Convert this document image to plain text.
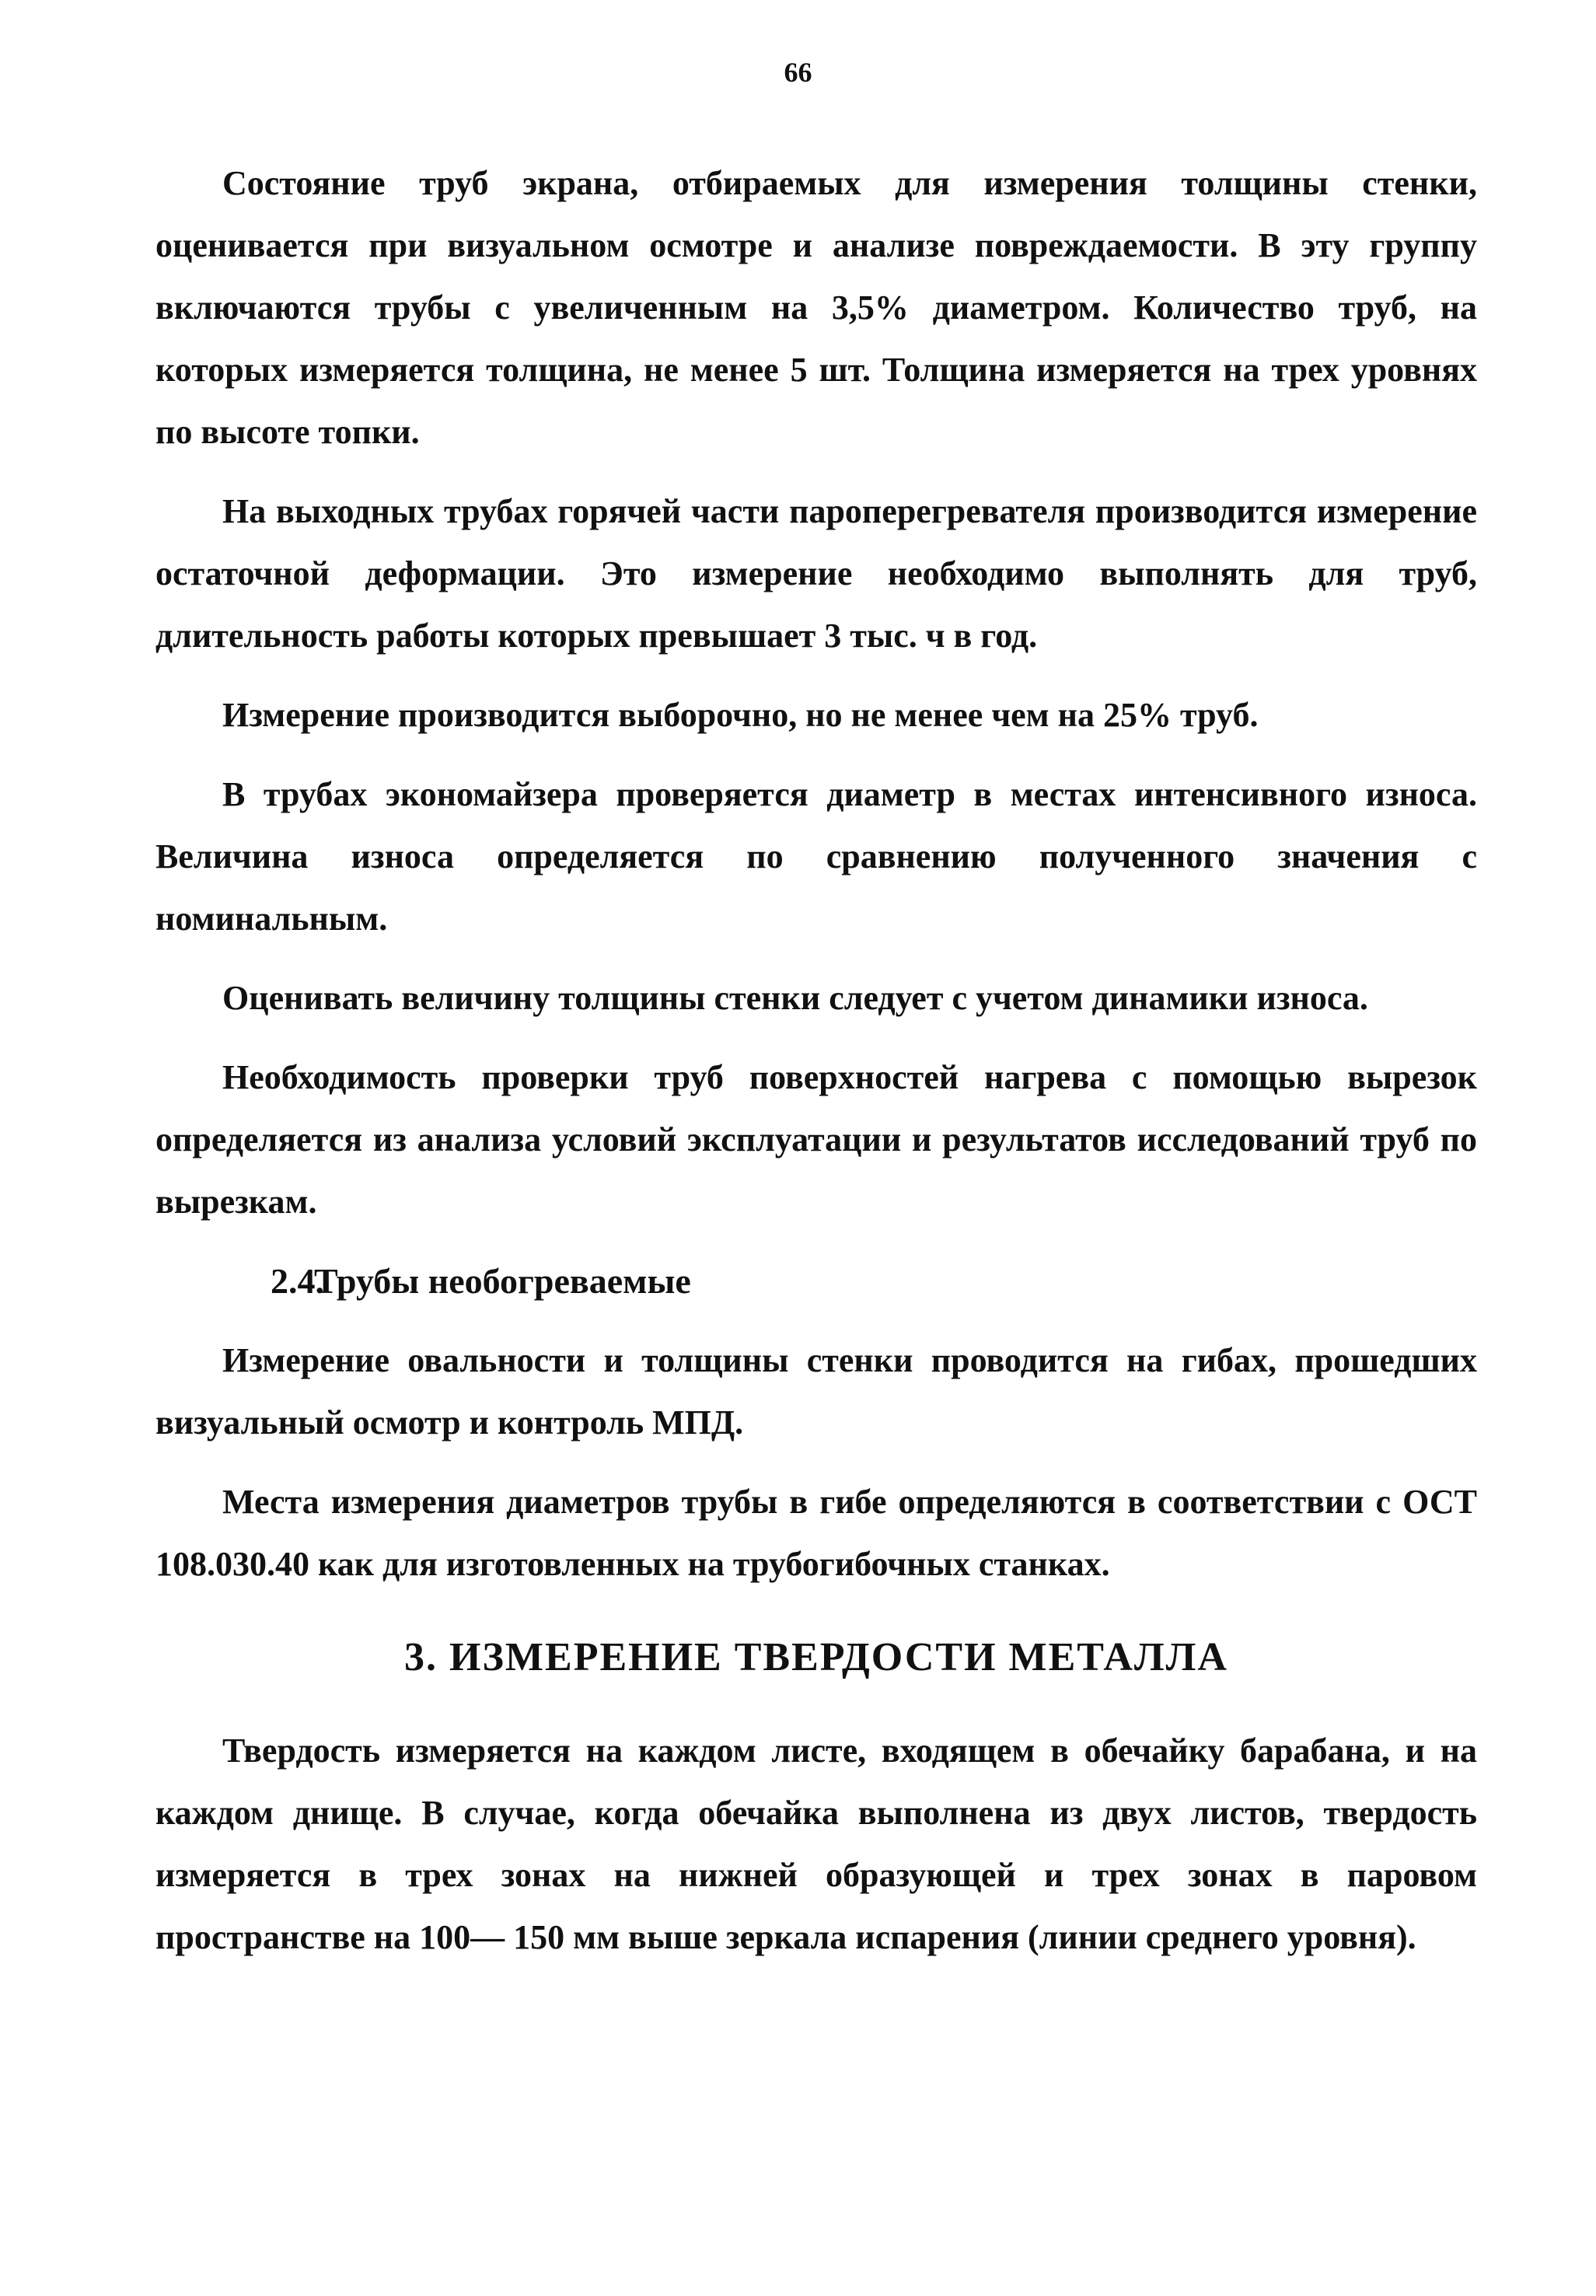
66

Состояние труб экрана, отбираемых для измерения толщины стенки, оценивается при визуальном осмотре и анализе повреждаемости. В эту группу включаются трубы с увеличенным на 3,5% диаметром. Количество труб, на которых измеряется толщина, не менее 5 шт. Толщина измеряется на трех уровнях по высоте топки.

На выходных трубах горячей части пароперегревателя производится измерение остаточной деформации. Это измерение необходимо выполнять для труб, длительность работы которых превышает 3 тыс. ч в год.

Измерение производится выборочно, но не менее чем на 25% труб.

В трубах экономайзера проверяется диаметр в местах интенсивного износа. Величина износа определяется по сравнению полученного значения с номинальным.

Оценивать величину толщины стенки следует с учетом динамики износа.

Необходимость проверки труб поверхностей нагрева с помощью вырезок определяется из анализа условий эксплуатации и результатов исследований труб по вырезкам.

2.4.Трубы необогреваемые

Измерение овальности и толщины стенки проводится на гибах, прошедших визуальный осмотр и контроль МПД.

Места измерения диаметров трубы в гибе определяются в соответствии с ОСТ 108.030.40 как для изготовленных на трубогибочных станках.

3. ИЗМЕРЕНИЕ ТВЕРДОСТИ МЕТАЛЛА

Твердость измеряется на каждом листе, входящем в обечайку барабана, и на каждом днище. В случае, когда обечайка выполнена из двух листов, твердость измеряется в трех зонах на нижней образующей и трех зонах в паровом пространстве на 100— 150 мм выше зеркала испарения (линии среднего уровня).
